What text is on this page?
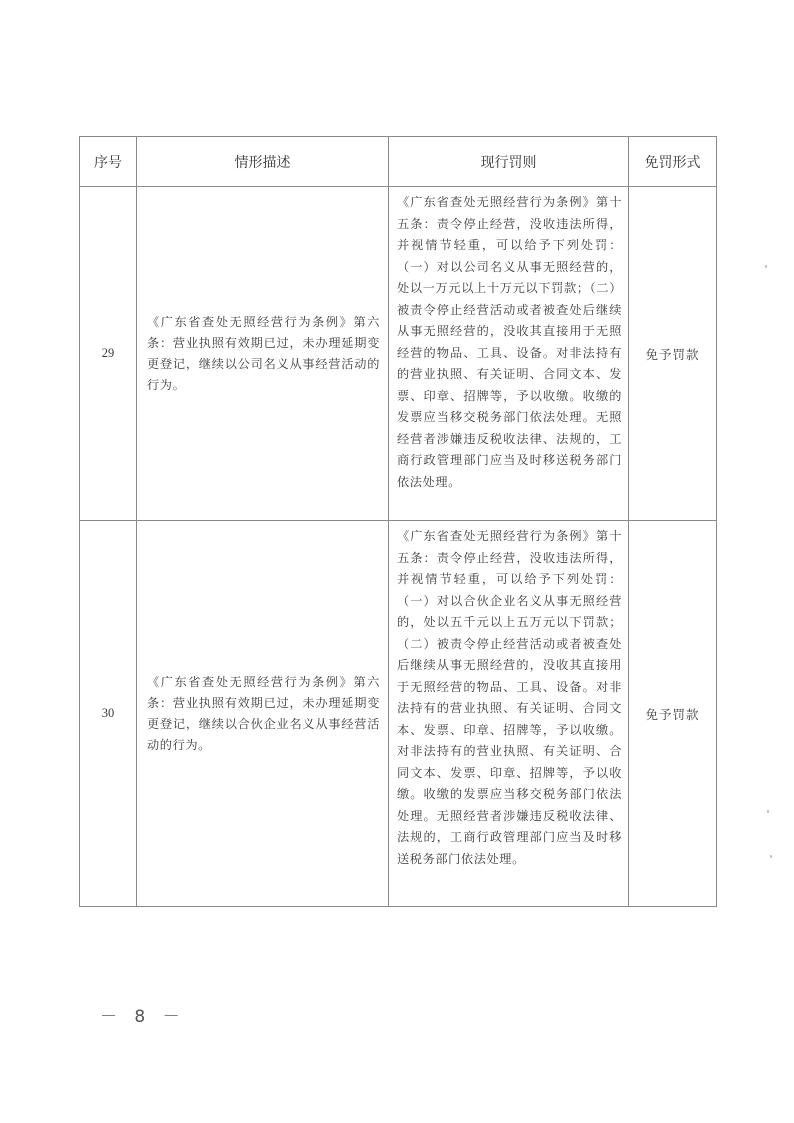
序号	情形描述	现行罚则	免罚形式
29	《广东省查处无照经营行为条例》第六条：营业执照有效期已过，未办理延期变更登记，继续以公司名义从事经营活动的行为。	《广东省查处无照经营行为条例》第十五条：责令停止经营，没收违法所得，并视情节轻重，可以给予下列处罚：（一）对以公司名义从事无照经营的，处以一万元以上十万元以下罚款；（二）被责令停止经营活动或者被查处后继续从事无照经营的，没收其直接用于无照经营的物品、工具、设备。对非法持有的营业执照、有关证明、合同文本、发票、印章、招牌等，予以收缴。收缴的发票应当移交税务部门依法处理。无照经营者涉嫌违反税收法律、法规的，工商行政管理部门应当及时移送税务部门依法处理。	免予罚款
30	《广东省查处无照经营行为条例》第六条：营业执照有效期已过，未办理延期变更登记，继续以合伙企业名义从事经营活动的行为。	《广东省查处无照经营行为条例》第十五条：责令停止经营，没收违法所得，并视情节轻重，可以给予下列处罚：（一）对以合伙企业名义从事无照经营的，处以五千元以上五万元以下罚款；（二）被责令停止经营活动或者被查处后继续从事无照经营的，没收其直接用于无照经营的物品、工具、设备。对非法持有的营业执照、有关证明、合同文本、发票、印章、招牌等，予以收缴。对非法持有的营业执照、有关证明、合同文本、发票、印章、招牌等，予以收缴。收缴的发票应当移交税务部门依法处理。无照经营者涉嫌违反税收法律、法规的，工商行政管理部门应当及时移送税务部门依法处理。	免予罚款
－ 8 －
